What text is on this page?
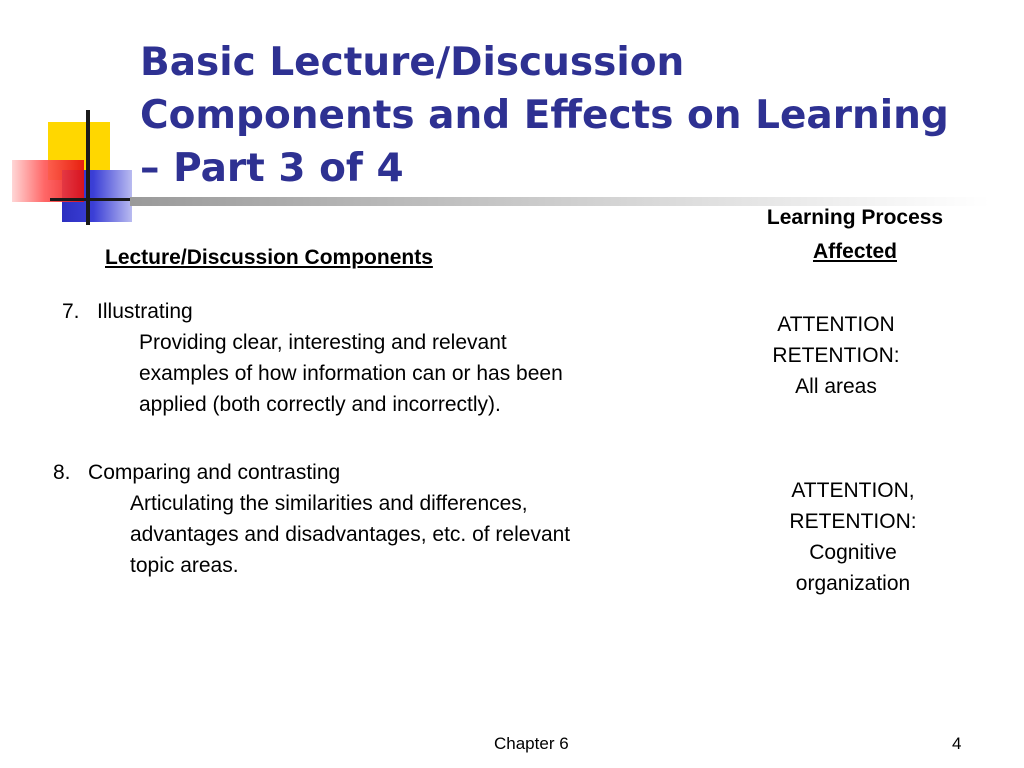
Basic Lecture/Discussion
Components and Effects on Learning
– Part 3 of 4
Learning Process
Affected
Lecture/Discussion Components
7. Illustrating
Providing clear, interesting and relevant
examples of how information can or has been
applied (both correctly and incorrectly).
ATTENTION
RETENTION:
All areas
8. Comparing and contrasting
Articulating the similarities and differences,
advantages and disadvantages, etc. of relevant
topic areas.
ATTENTION,
RETENTION:
Cognitive
organization
Chapter 6	4
